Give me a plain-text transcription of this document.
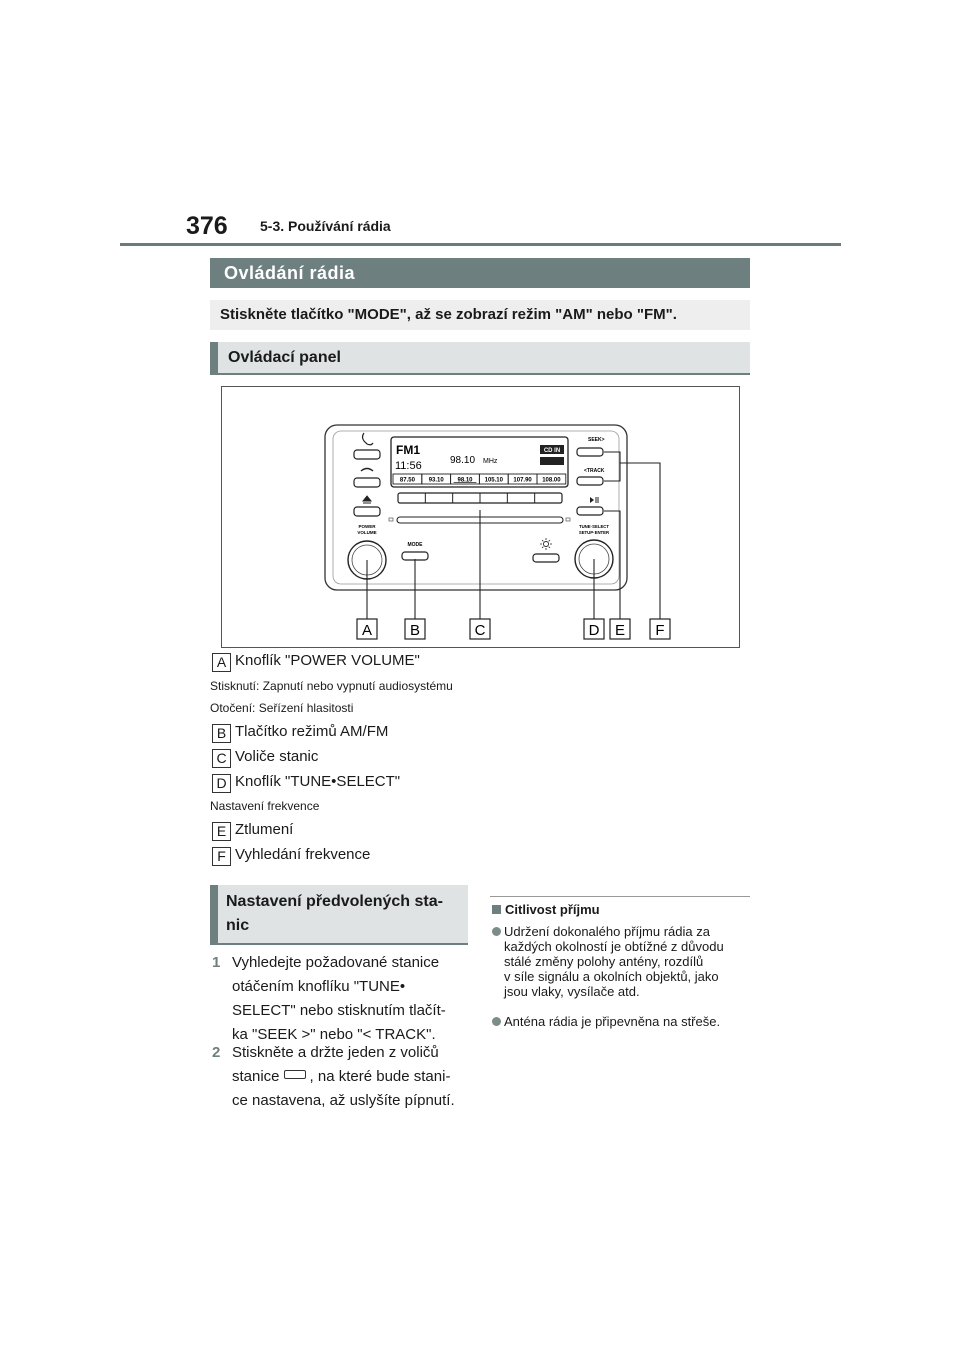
376 5-3. Používání rádia
Ovládání rádia
Stiskněte tlačítko "MODE", až se zobrazí režim "AM" nebo "FM".
Ovládací panel
POWER
VOLUME
FM1
11:56	98.10 MHz
CD IN
87.50 93.10 98.10 105.10 107.90 108.00
MODE
SEEK>
<TRACK
TUNE·SELECT
SETUP·ENTER
A	B	C	D E F
A Knoflík "POWER VOLUME"
Stisknutí: Zapnutí nebo vypnutí audiosystému
Otočení: Seřízení hlasitosti
B Tlačítko režimů AM/FM
C Voliče stanic
D Knoflík "TUNE•SELECT"
Nastavení frekvence
E Ztlumení
F Vyhledání frekvence
Nastavení předvolených sta-
nic
1 Vyhledejte požadované stanice
otáčením knoflíku "TUNE•
SELECT" nebo stisknutím tlačít-
ka "SEEK >" nebo "< TRACK".
2 Stiskněte a držte jeden z voličů
stanice , na které bude stani-
ce nastavena, až uslyšíte pípnutí.
Citlivost příjmu
Udržení dokonalého příjmu rádia za
každých okolností je obtížné z důvodu
stálé změny polohy antény, rozdílů
v síle signálu a okolních objektů, jako
jsou vlaky, vysílače atd.
Anténa rádia je připevněna na střeše.
